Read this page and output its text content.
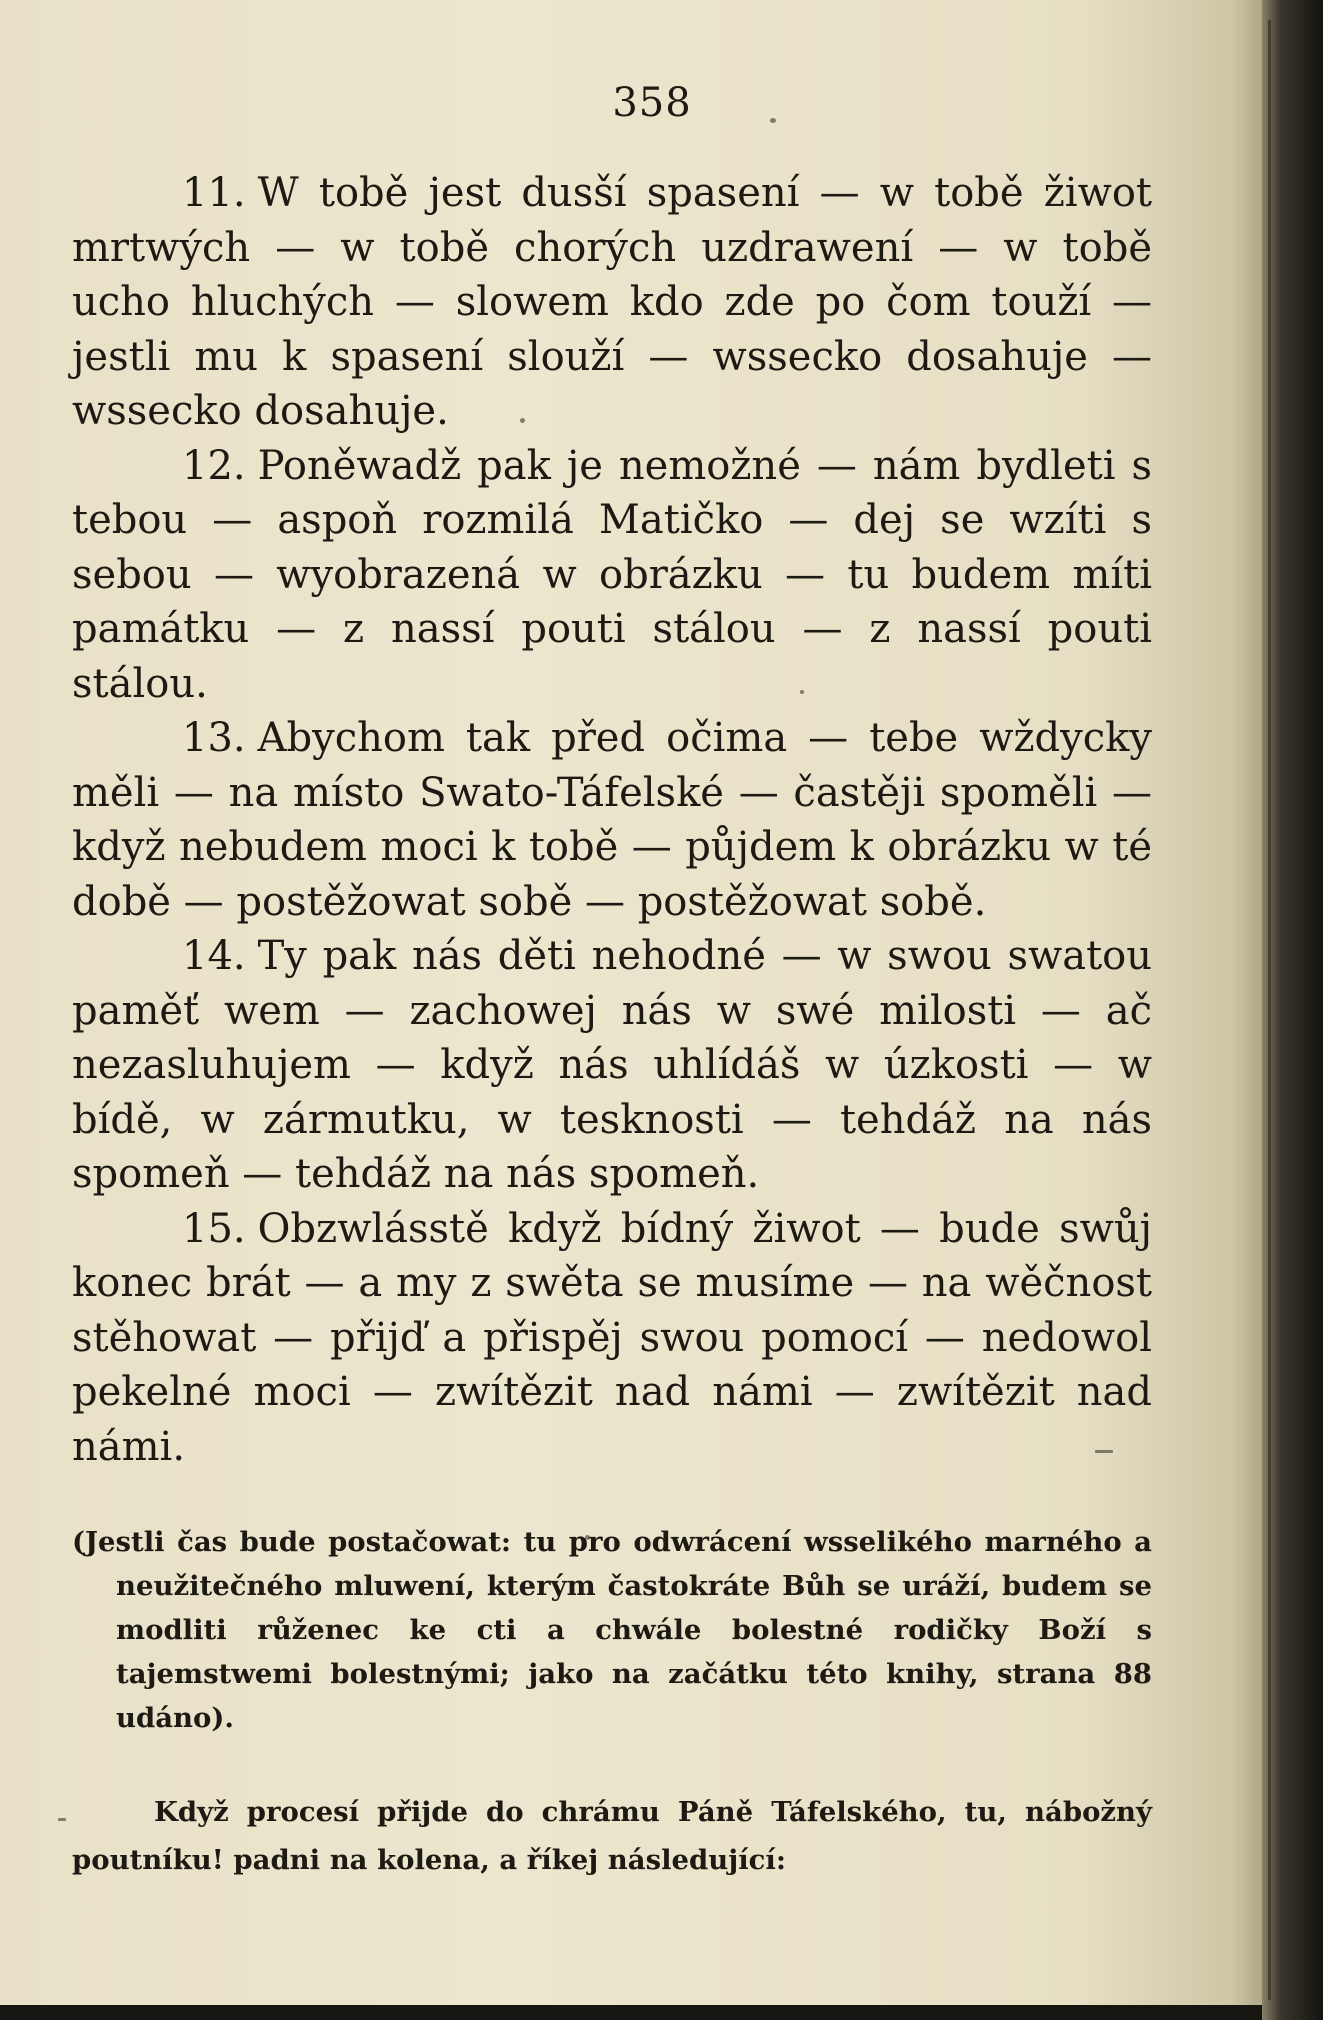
358

11. W tobě jest dusší spasení — w tobě žiwot mrtwých — w tobě chorých uzdrawení — w tobě ucho hluchých — slowem kdo zde po čom touží — jestli mu k spasení slouží — wssecko dosahuje — wssecko dosahuje.

12. Poněwadž pak je nemožné — nám bydleti s tebou — aspoň rozmilá Matičko — dej se wzíti s sebou — wyobrazená w obrázku — tu budem míti památku — z nassí pouti stálou — z nassí pouti stálou.

13. Abychom tak před očima — tebe wždycky měli — na místo Swato-Táfelské — častěji spoměli — když nebudem moci k tobě — půjdem k obrázku w té době — postěžowat sobě — postěžowat sobě.

14. Ty pak nás děti nehodné — w swou swatou paměť wem — zachowej nás w swé milosti — ač nezasluhujem — když nás uhlídáš w úzkosti — w bídě, w zármutku, w tesknosti — tehdáž na nás spomeň — tehdáž na nás spomeň.

15. Obzwlásstě když bídný žiwot — bude swůj konec brát — a my z swěta se musíme — na wěčnost stěhowat — přijď a přispěj swou pomocí — nedowol pekelné moci — zwítězit nad námi — zwítězit nad námi.

(Jestli čas bude postačowat: tu pro odwrácení wsselikého marného a neužitečného mluwení, kterým častokráte Bůh se uráží, budem se modliti růženec ke cti a chwále bolestné rodičky Boží s tajemstwemi bolestnými; jako na začátku této knihy, strana 88 udáno).

Když procesí přijde do chrámu Páně Táfelského, tu, nábožný poutníku! padni na kolena, a říkej následující:
